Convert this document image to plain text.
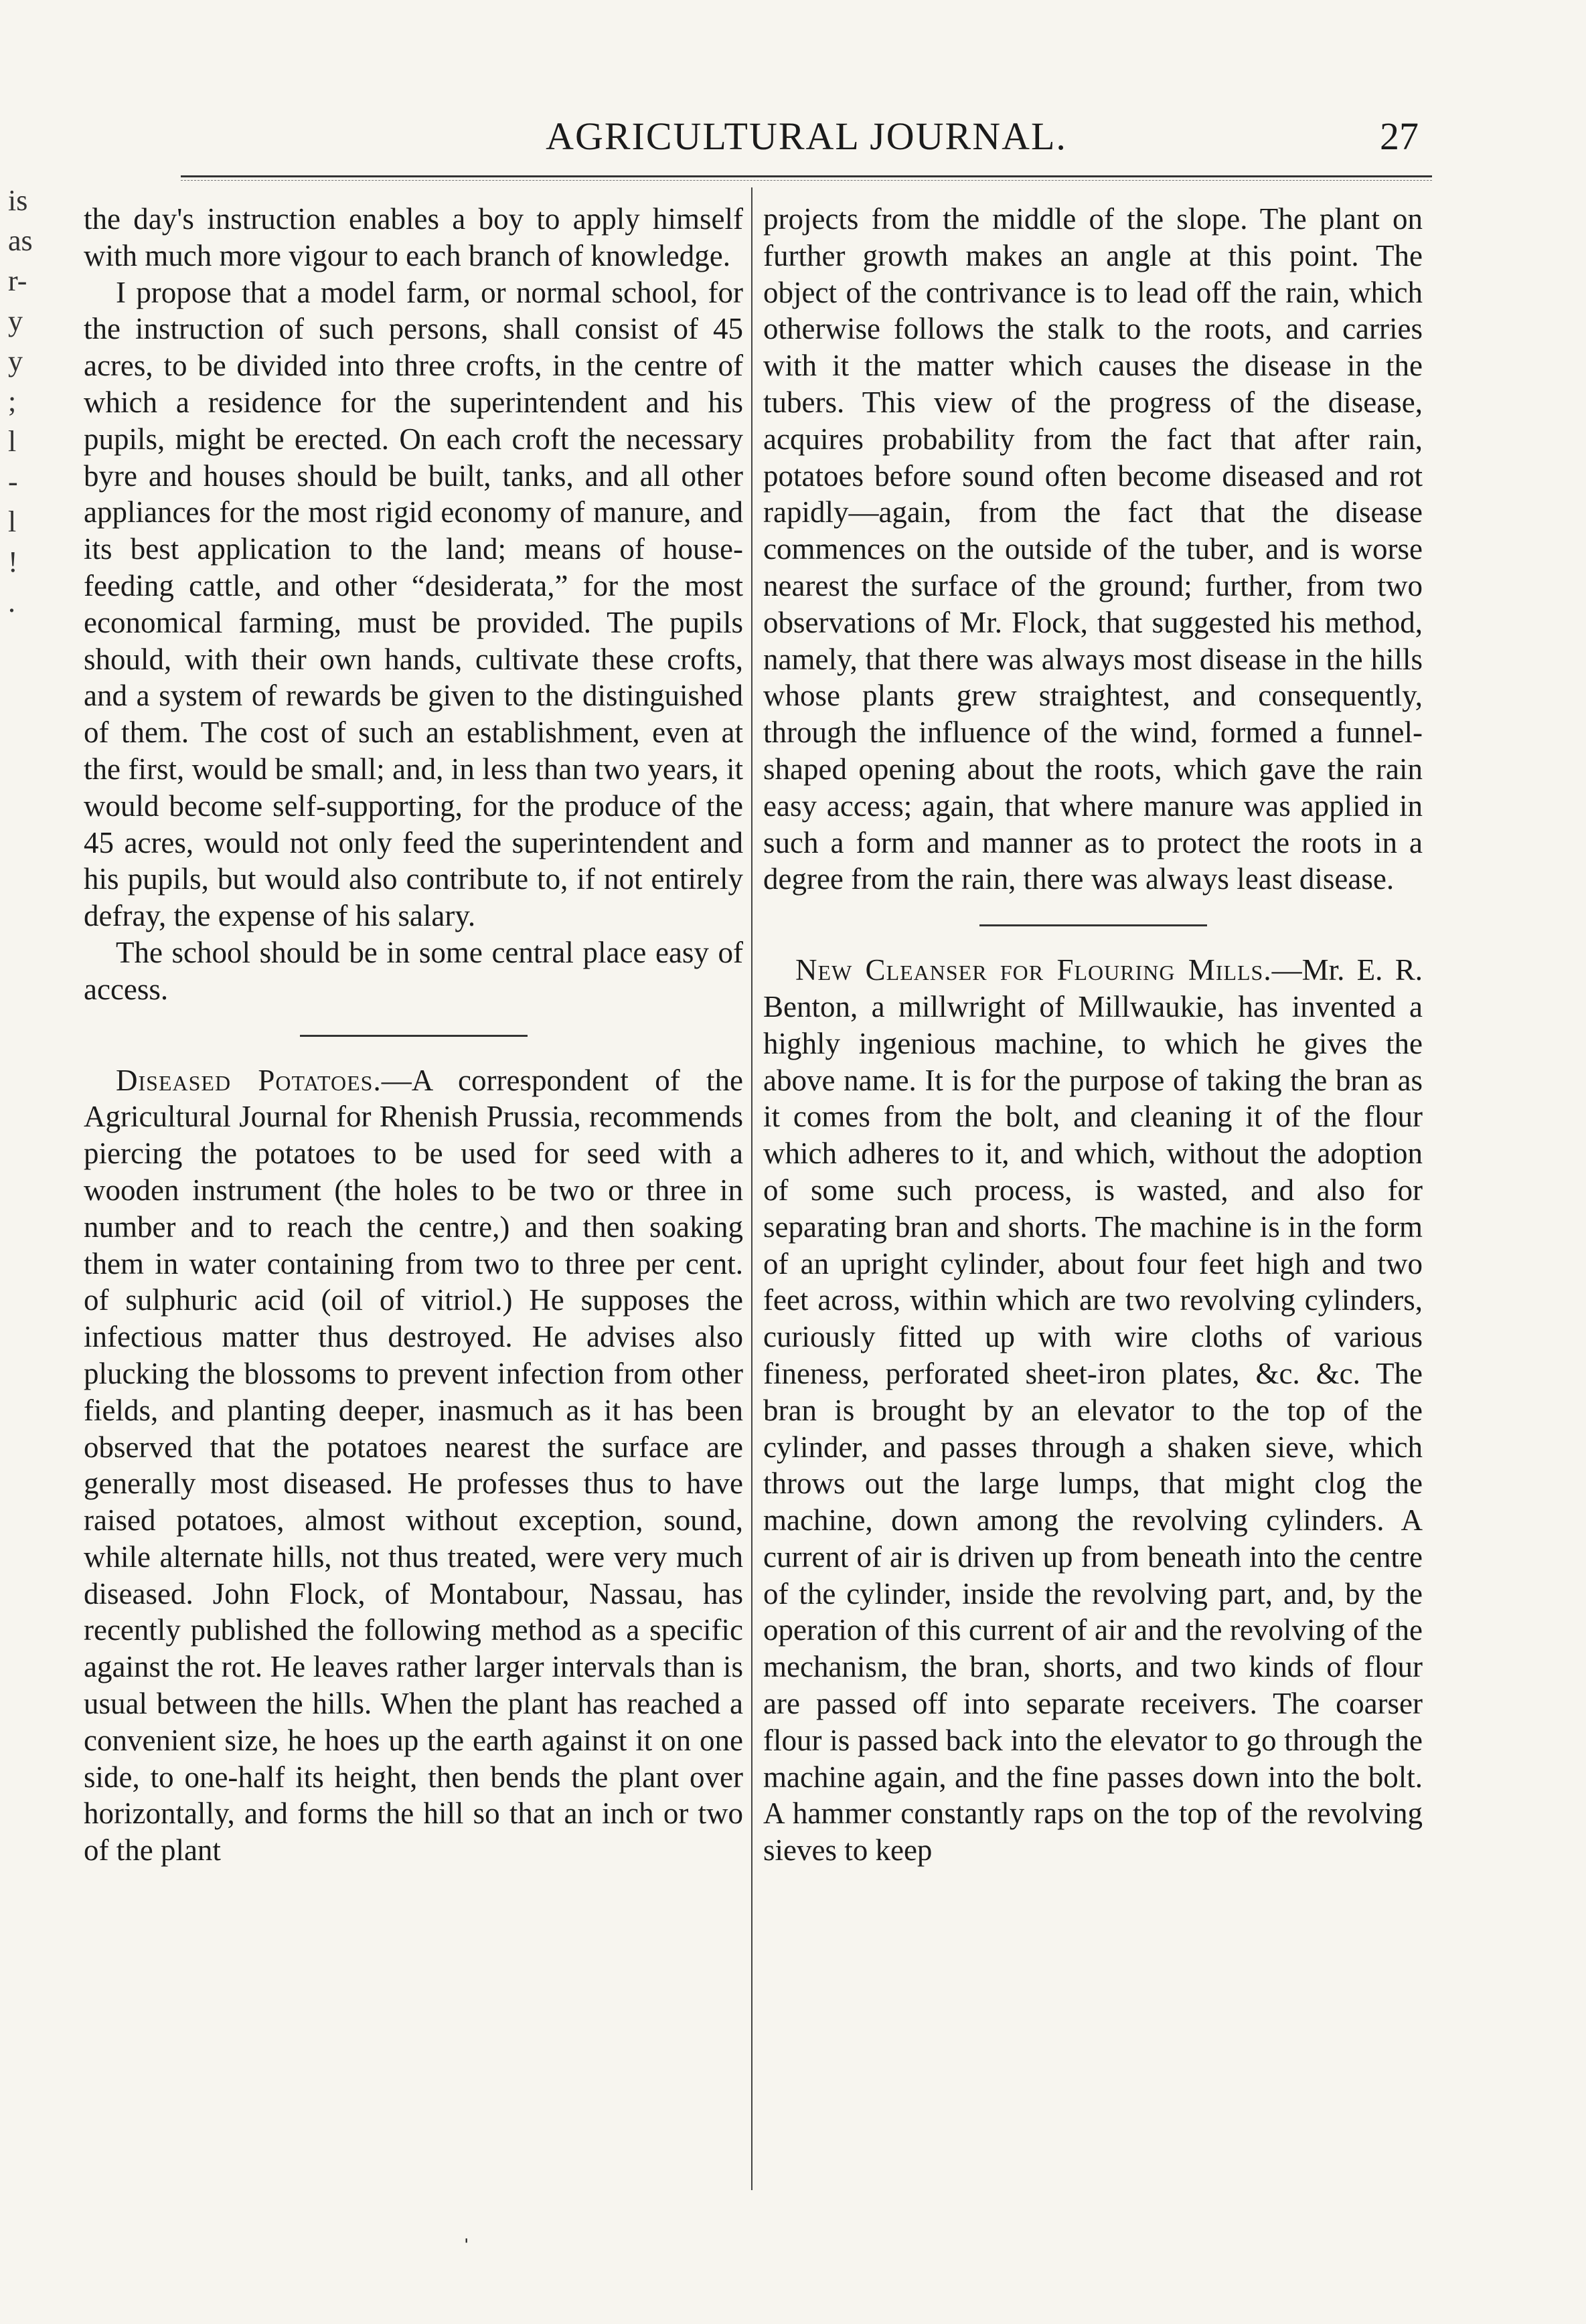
AGRICULTURAL JOURNAL.	27
is
as
r-
y
y
;
l
-
l
!
.

the day's instruction enables a boy to apply himself with much more vigour to each branch of knowledge.

I propose that a model farm, or normal school, for the instruction of such persons, shall consist of 45 acres, to be divided into three crofts, in the centre of which a residence for the superintendent and his pupils, might be erected. On each croft the necessary byre and houses should be built, tanks, and all other appliances for the most rigid economy of manure, and its best application to the land; means of house-feeding cattle, and other “desiderata,” for the most economical farming, must be provided. The pupils should, with their own hands, cultivate these crofts, and a system of rewards be given to the distinguished of them. The cost of such an establishment, even at the first, would be small; and, in less than two years, it would become self-supporting, for the produce of the 45 acres, would not only feed the superintendent and his pupils, but would also contribute to, if not entirely defray, the expense of his salary.

The school should be in some central place easy of access.

Diseased Potatoes.—A correspondent of the Agricultural Journal for Rhenish Prussia, recommends piercing the potatoes to be used for seed with a wooden instrument (the holes to be two or three in number and to reach the centre,) and then soaking them in water containing from two to three per cent. of sulphuric acid (oil of vitriol.) He supposes the infectious matter thus destroyed. He advises also plucking the blossoms to prevent infection from other fields, and planting deeper, inasmuch as it has been observed that the potatoes nearest the surface are generally most diseased. He professes thus to have raised potatoes, almost without exception, sound, while alternate hills, not thus treated, were very much diseased. John Flock, of Montabour, Nassau, has recently published the following method as a specific against the rot. He leaves rather larger intervals than is usual between the hills. When the plant has reached a convenient size, he hoes up the earth against it on one side, to one-half its height, then bends the plant over horizontally, and forms the hill so that an inch or two of the plant

projects from the middle of the slope. The plant on further growth makes an angle at this point. The object of the contrivance is to lead off the rain, which otherwise follows the stalk to the roots, and carries with it the matter which causes the disease in the tubers. This view of the progress of the disease, acquires probability from the fact that after rain, potatoes before sound often become diseased and rot rapidly—again, from the fact that the disease commences on the outside of the tuber, and is worse nearest the surface of the ground; further, from two observations of Mr. Flock, that suggested his method, namely, that there was always most disease in the hills whose plants grew straightest, and consequently, through the influence of the wind, formed a funnel-shaped opening about the roots, which gave the rain easy access; again, that where manure was applied in such a form and manner as to protect the roots in a degree from the rain, there was always least disease.

New Cleanser for Flouring Mills.—Mr. E. R. Benton, a millwright of Millwaukie, has invented a highly ingenious machine, to which he gives the above name. It is for the purpose of taking the bran as it comes from the bolt, and cleaning it of the flour which adheres to it, and which, without the adoption of some such process, is wasted, and also for separating bran and shorts. The machine is in the form of an upright cylinder, about four feet high and two feet across, within which are two revolving cylinders, curiously fitted up with wire cloths of various fineness, perforated sheet-iron plates, &c. &c. The bran is brought by an elevator to the top of the cylinder, and passes through a shaken sieve, which throws out the large lumps, that might clog the machine, down among the revolving cylinders. A current of air is driven up from beneath into the centre of the cylinder, inside the revolving part, and, by the operation of this current of air and the revolving of the mechanism, the bran, shorts, and two kinds of flour are passed off into separate receivers. The coarser flour is passed back into the elevator to go through the machine again, and the fine passes down into the bolt. A hammer constantly raps on the top of the revolving sieves to keep

ˌ
